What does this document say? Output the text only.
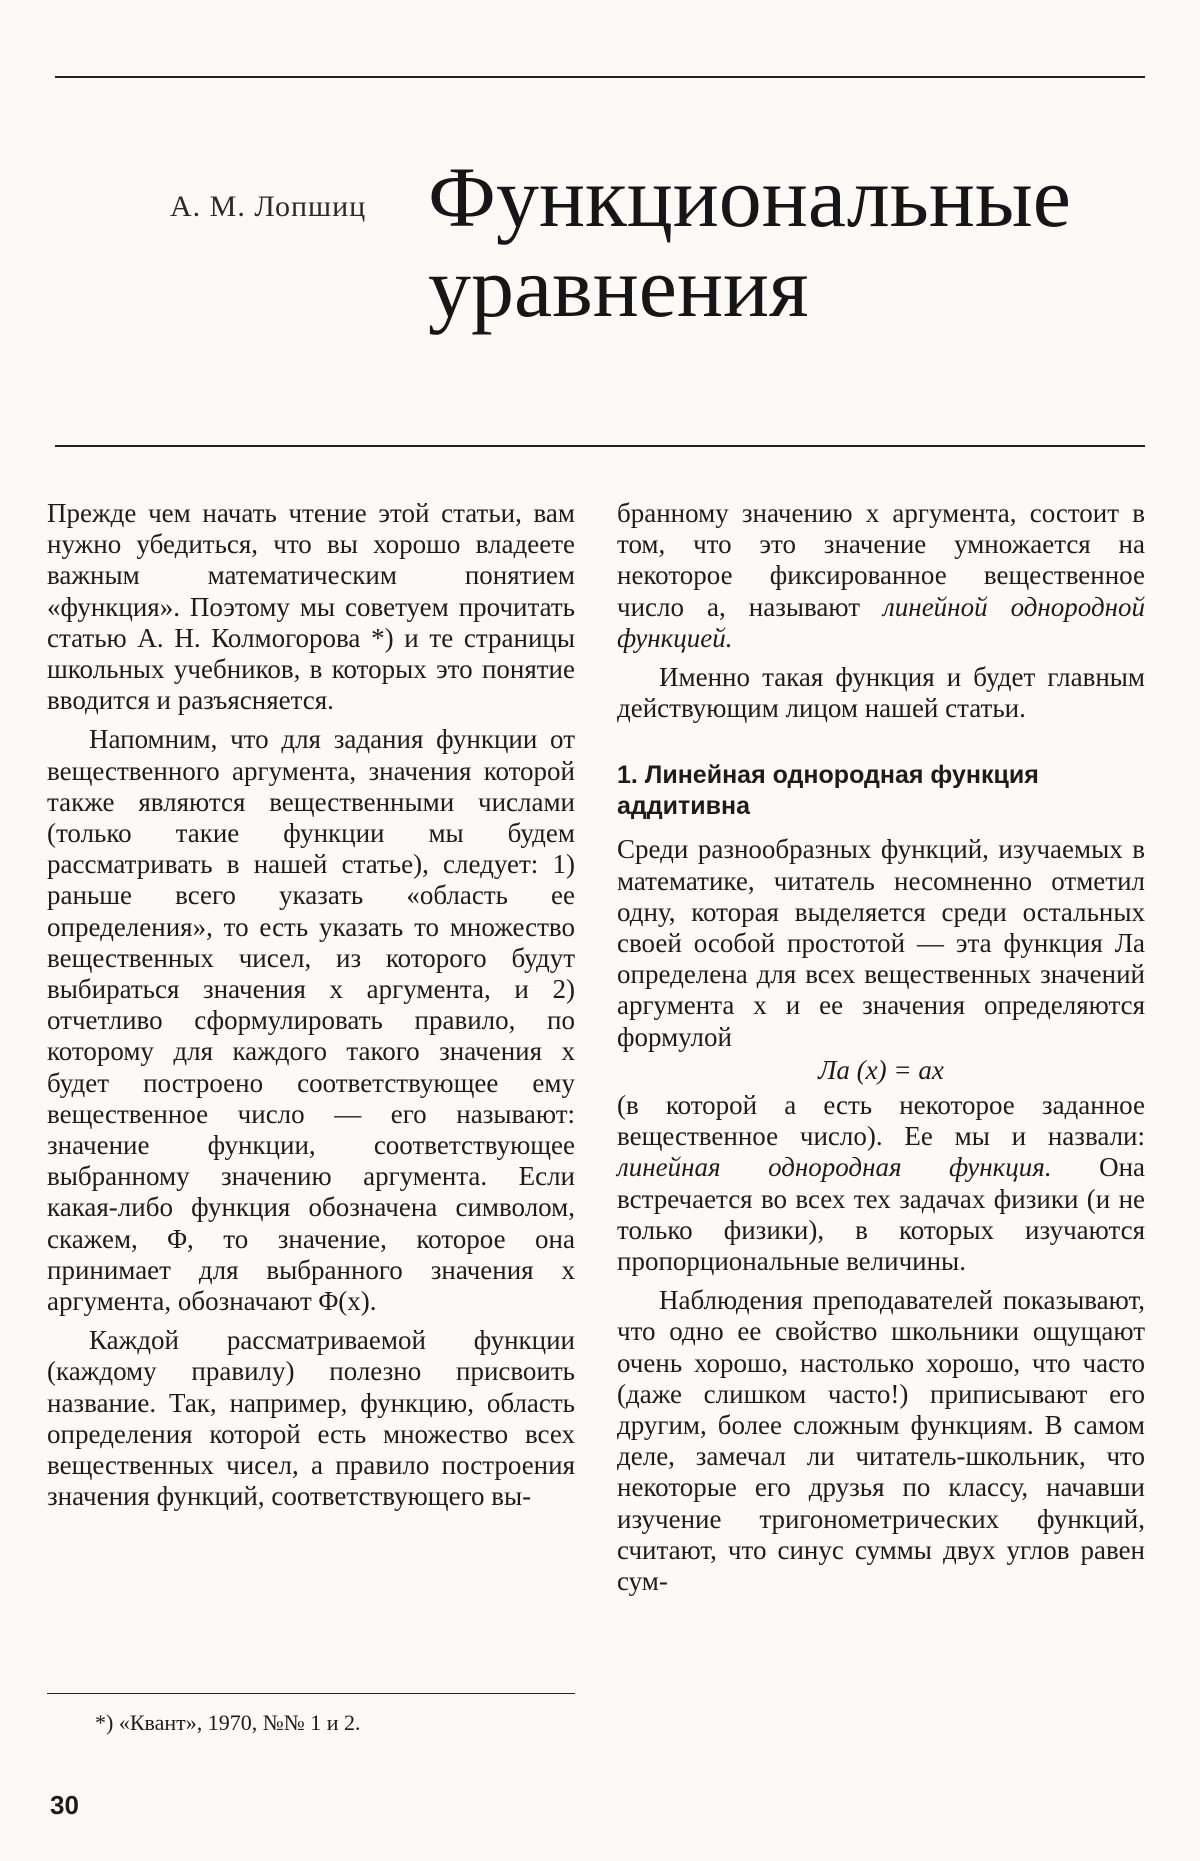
А. М. Лопшиц Функциональные
уравнения

Прежде чем начать чтение этой статьи, вам нужно убедиться, что вы хорошо владеете важным математическим понятием «функция». Поэтому мы советуем прочитать статью А. Н. Колмогорова *) и те страницы школьных учебников, в которых это понятие вводится и разъясняется.

Напомним, что для задания функции от вещественного аргумента, значения которой также являются вещественными числами (только такие функции мы будем рассматривать в нашей статье), следует: 1) раньше всего указать «область ее определения», то есть указать то множество вещественных чисел, из которого будут выбираться значения x аргумента, и 2) отчетливо сформулировать правило, по которому для каждого такого значения x будет построено соответствующее ему вещественное число — его называют: значение функции, соответствующее выбранному значению аргумента. Если какая-либо функция обозначена символом, скажем, Φ, то значение, которое она принимает для выбранного значения x аргумента, обозначают Φ(x).

Каждой рассматриваемой функции (каждому правилу) полезно присвоить название. Так, например, функцию, область определения которой есть множество всех вещественных чисел, а правило построения значения функций, соответствующего вы-

*) «Квант», 1970, №№ 1 и 2.

бранному значению x аргумента, состоит в том, что это значение умножается на некоторое фиксированное вещественное число a, называют линейной однородной функцией.

Именно такая функция и будет главным действующим лицом нашей статьи.

1. Линейная однородная функция аддитивна

Среди разнообразных функций, изучаемых в математике, читатель несомненно отметил одну, которая выделяется среди остальных своей особой простотой — эта функция Лa определена для всех вещественных значений аргумента x и ее значения определяются формулой

Лa (x) = ax

(в которой a есть некоторое заданное вещественное число). Ее мы и назвали: линейная однородная функция. Она встречается во всех тех задачах физики (и не только физики), в которых изучаются пропорциональные величины.

Наблюдения преподавателей показывают, что одно ее свойство школьники ощущают очень хорошо, настолько хорошо, что часто (даже слишком часто!) приписывают его другим, более сложным функциям. В самом деле, замечал ли читатель-школьник, что некоторые его друзья по классу, начавши изучение тригонометрических функций, считают, что синус суммы двух углов равен сум-

30
